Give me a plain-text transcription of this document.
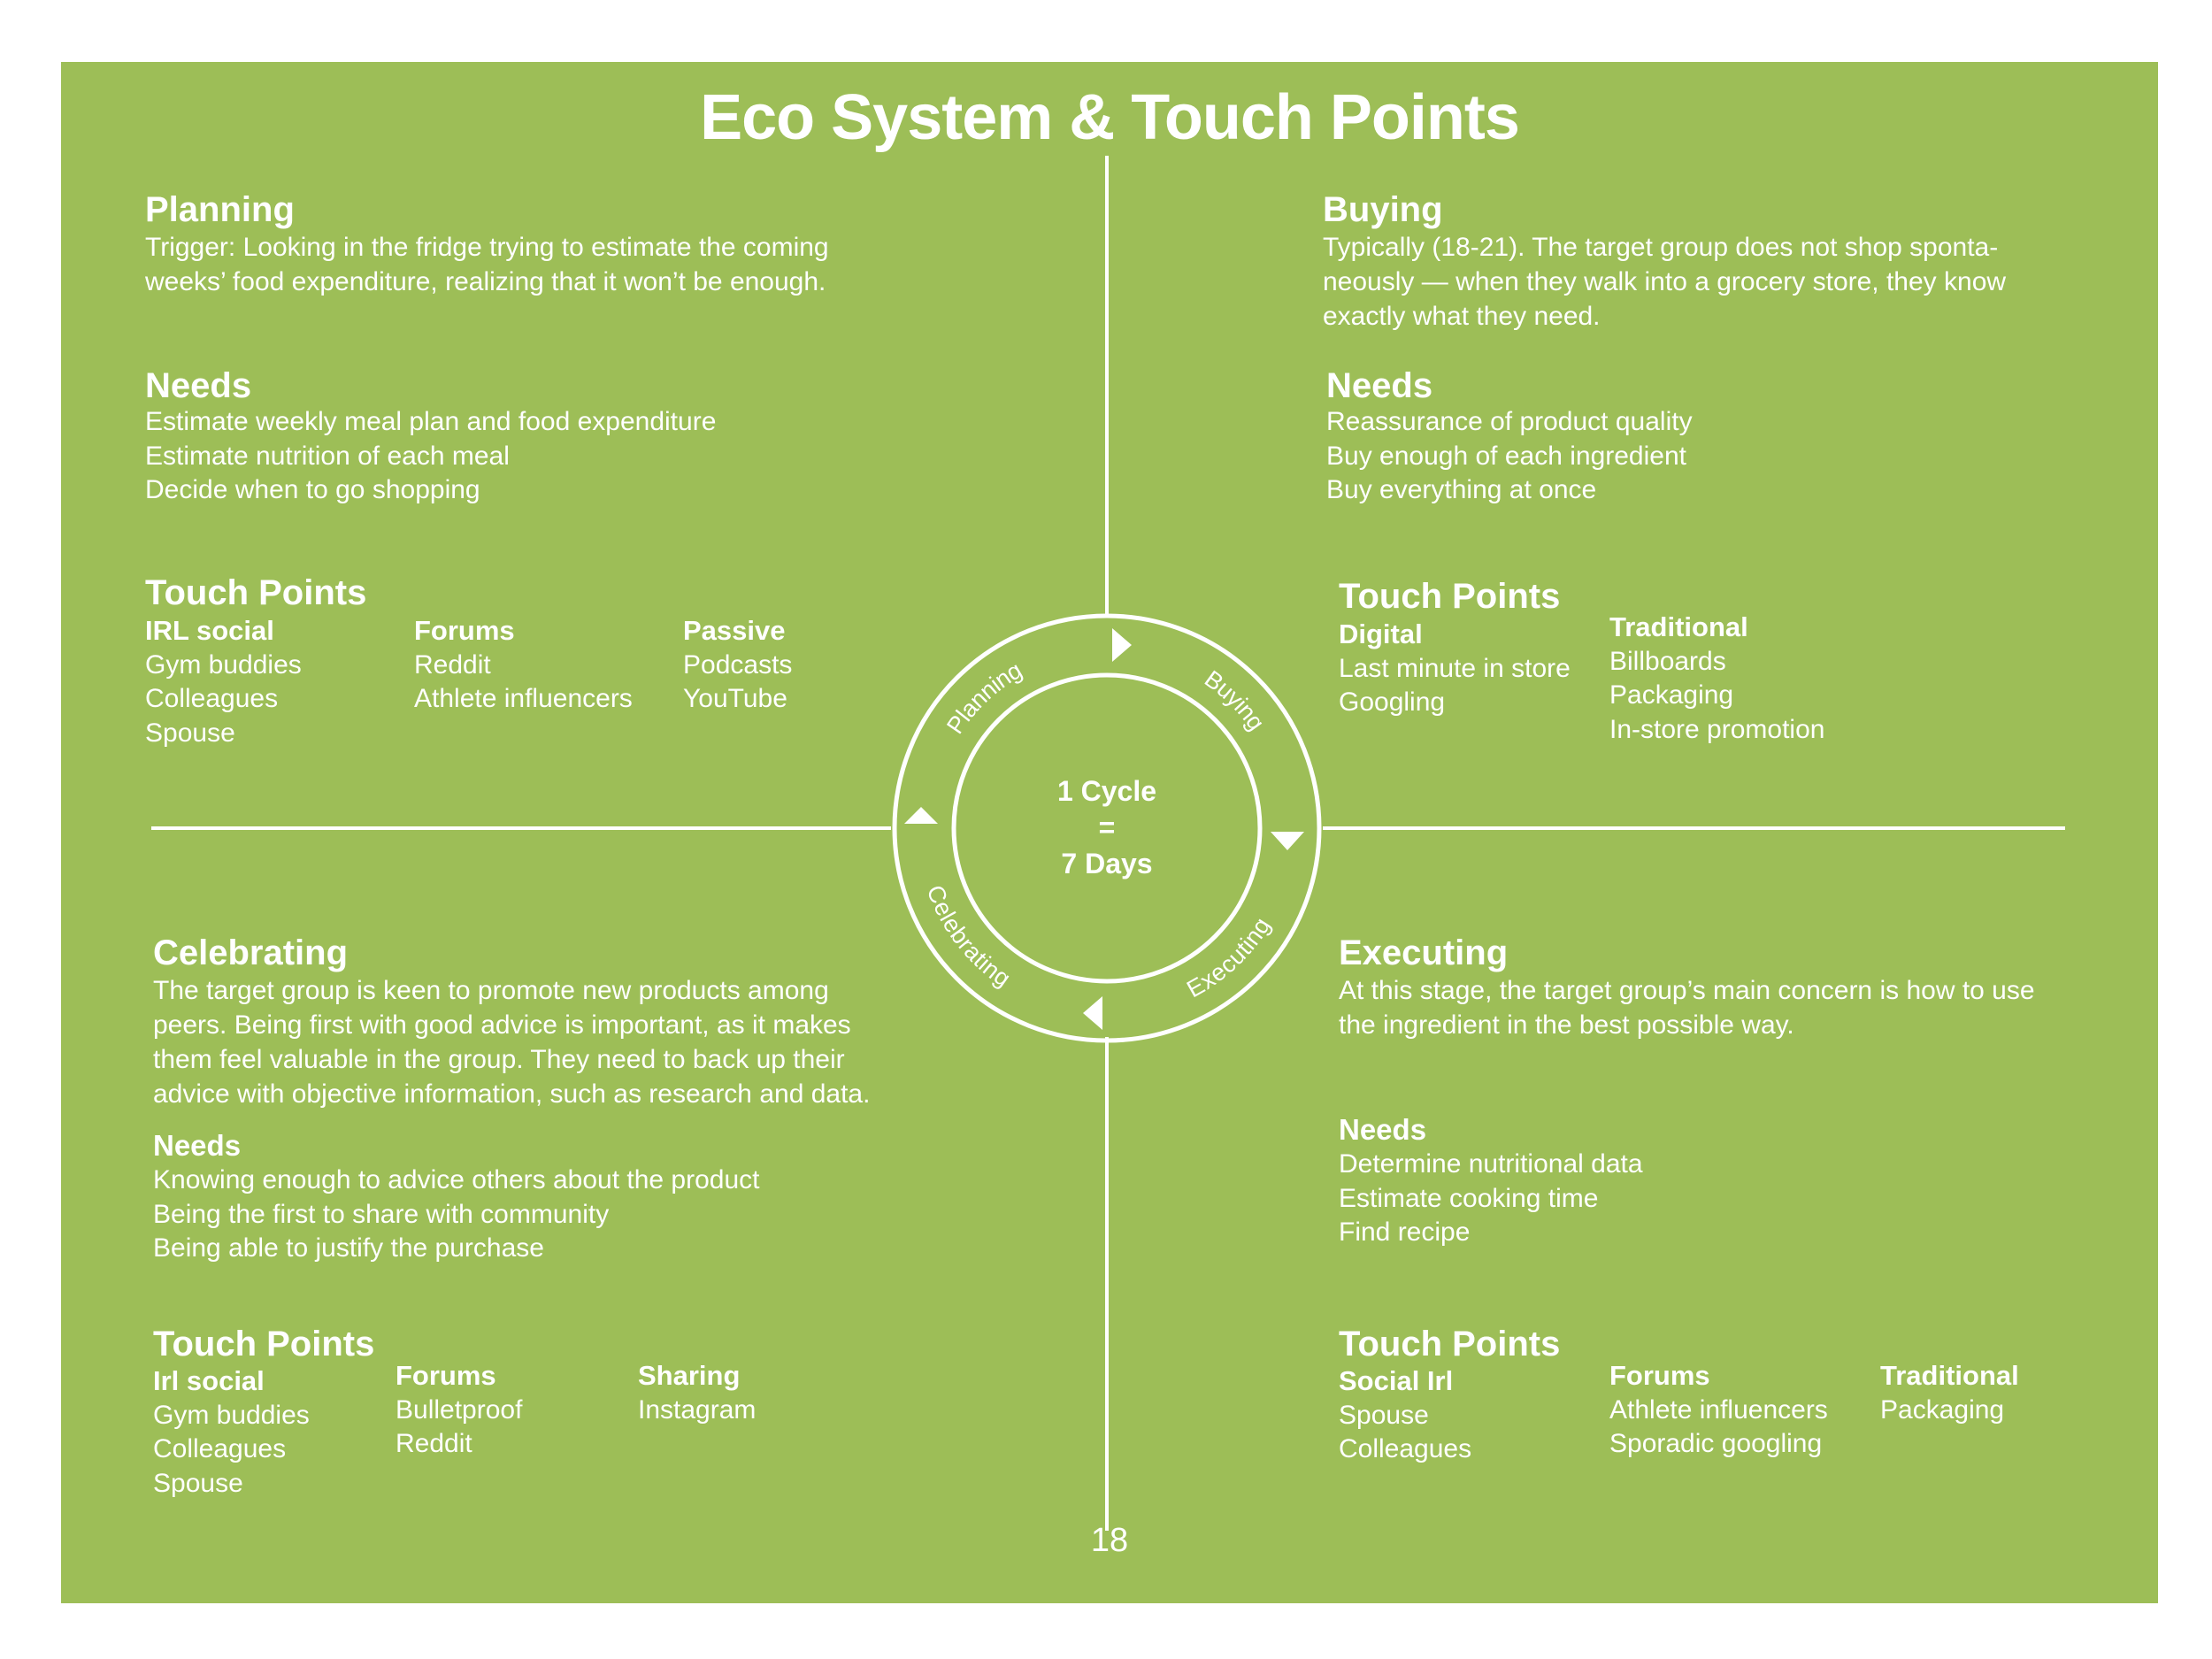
Planning	Buying
Celebrating	Executing
1 Cycle
=
7 Days
Eco System & Touch Points
Planning
Trigger: Looking in the fridge trying to estimate the coming
weeks’ food expenditure, realizing that it won’t be enough.
Needs
Estimate weekly meal plan and food expenditure
Estimate nutrition of each meal
Decide when to go shopping
Touch Points
IRL social
Gym buddies
Colleagues
Spouse
Forums
Reddit
Athlete influencers
Passive
Podcasts
YouTube
Buying
Typically (18-21). The target group does not shop sponta-
neously — when they walk into a grocery store, they know
exactly what they need.
Needs
Reassurance of product quality
Buy enough of each ingredient
Buy everything at once
Touch Points
Digital
Last minute in store
Googling
Traditional
Billboards
Packaging
In-store promotion
Celebrating
The target group is keen to promote new products among
peers. Being first with good advice is important, as it makes
them feel valuable in the group. They need to back up their
advice with objective information, such as research and data.
Needs
Knowing enough to advice others about the product
Being the first to share with community
Being able to justify the purchase
Touch Points
Irl social
Gym buddies
Colleagues
Spouse
Forums
Bulletproof
Reddit
Sharing
Instagram
Executing
At this stage, the target group’s main concern is how to use
the ingredient in the best possible way.
Needs
Determine nutritional data
Estimate cooking time
Find recipe
Touch Points
Social Irl
Spouse
Colleagues
Forums
Athlete influencers
Sporadic googling
Traditional
Packaging
18
